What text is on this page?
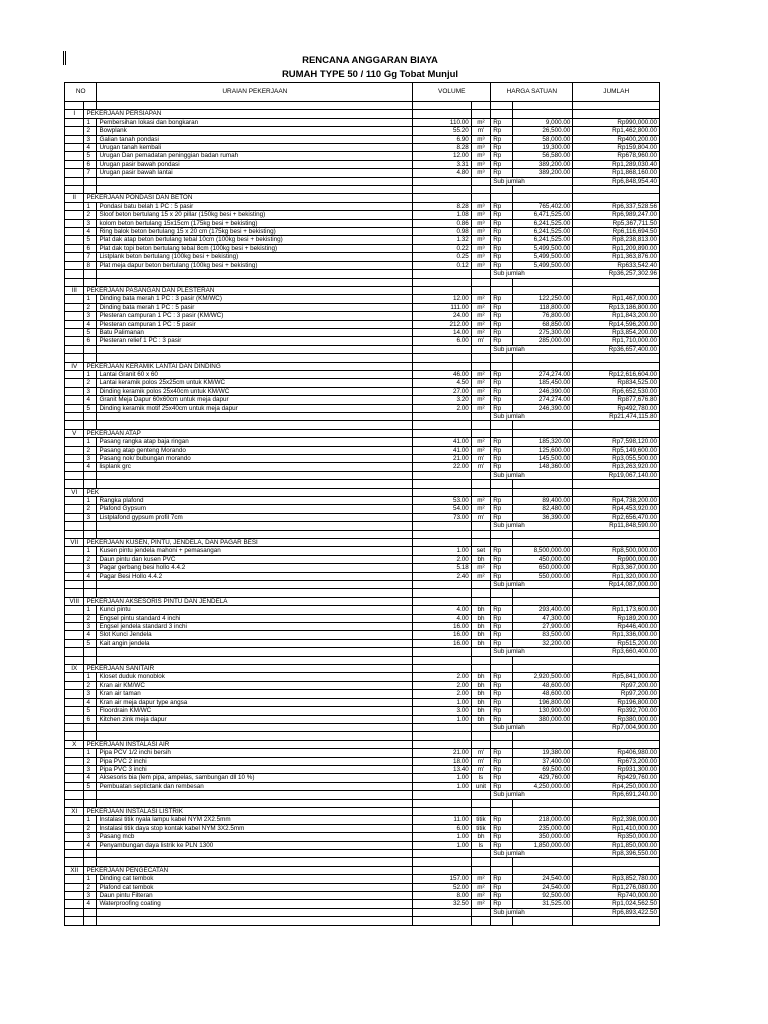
RENCANA ANGGARAN BIAYA
RUMAH TYPE 50 / 110 Gg Tobat Munjul
NO		URAIAN PEKERJAAN	VOLUME		HARGA SATUAN		JUMLAH

I	PEKERJAAN PERSIAPAN						
	1	Pembersihan lokasi dan bongkaran	110.00	m²	Rp	9,000.00	Rp990,000.00
	2	Bowplank	55.20	m'	Rp	26,500.00	Rp1,462,800.00
	3	Galian tanah pondasi	6.90	m³	Rp	58,000.00	Rp400,200.00
	4	Urugan tanah kembali	8.28	m³	Rp	19,300.00	Rp159,804.00
	5	Urugan Dan pemadatan peninggian badan rumah	12.00	m³	Rp	56,580.00	Rp678,960.00
	6	Urugan pasir bawah pondasi	3.31	m³	Rp	389,200.00	Rp1,289,030.40
	7	Urugan pasir bawah lantai	4.80	m³	Rp	389,200.00	Rp1,868,160.00
					Sub jumlah		Rp6,848,954.40

II	PEKERJAAN PONDASI DAN BETON						
	1	Pondasi batu belah 1 PC : 5 pasir	8.28	m³	Rp	765,402.00	Rp6,337,528.56
	2	Sloof beton bertulang 15 x 20 pillar (150kg besi + bekisting)	1.08	m³	Rp	6,471,525.00	Rp6,989,247.00
	3	kolom beton bertulang 15x15cm (175kg besi + bekisting)	0.86	m³	Rp	6,241,525.00	Rp5,367,711.50
	4	Ring balok beton bertulang 15 x 20 cm (175kg besi + bekisting)	0.98	m³	Rp	6,241,525.00	Rp6,116,694.50
	5	Plat dak atap beton bertulang tebal 10cm (100kg besi + bekisting)	1.32	m³	Rp	6,241,525.00	Rp8,238,813.00
	6	Plat dak topi beton bertulang tebal 8cm (100kg besi + bekisting)	0.22	m³	Rp	5,499,500.00	Rp1,209,890.00
	7	Listplank beton bertulang (100kg besi + bekisting)	0.25	m³	Rp	5,499,500.00	Rp1,363,876.00
	8	Plat meja dapur beton bertulang (100kg besi + bekisting)	0.12	m³	Rp	5,499,500.00	Rp633,542.40
					Sub jumlah		Rp36,257,302.96

III	PEKERJAAN PASANGAN DAN PLESTERAN						
	1	Dinding bata merah 1 PC : 3 pasir (KM/WC)	12.00	m²	Rp	122,250.00	Rp1,467,000.00
	2	Dinding bata merah 1 PC : 5 pasir	111.00	m²	Rp	118,800.00	Rp13,186,800.00
	3	Plesteran campuran 1 PC : 3 pasir (KM/WC)	24.00	m²	Rp	76,800.00	Rp1,843,200.00
	4	Plesteran campuran 1 PC : 5 pasir	212.00	m²	Rp	68,850.00	Rp14,596,200.00
	5	Batu Palimanan	14.00	m²	Rp	275,300.00	Rp3,854,200.00
	6	Plesteran relief 1 PC : 3 pasir	6.00	m'	Rp	285,000.00	Rp1,710,000.00
					Sub jumlah		Rp36,657,400.00

IV	PEKERJAAN KERAMIK LANTAI DAN DINDING						
	1	Lantai Granit 60 x 60	46.00	m²	Rp	274,274.00	Rp12,616,604.00
	2	Lantai keramik polos 25x25cm untuk KM/WC	4.50	m²	Rp	185,450.00	Rp834,525.00
	3	Dinding keramik polos 25x40cm untuk KM/WC	27.00	m²	Rp	246,390.00	Rp6,652,530.00
	4	Granit Meja Dapur 60x60cm untuk meja dapur	3.20	m²	Rp	274,274.00	Rp877,676.80
	5	Dinding keramik motif 25x40cm untuk meja dapur	2.00	m²	Rp	246,390.00	Rp492,780.00
					Sub jumlah		Rp21,474,115.80

V	PEKERJAAN ATAP						
	1	Pasang rangka atap baja ringan	41.00	m²	Rp	185,320.00	Rp7,598,120.00
	2	Pasang atap genteng Morando	41.00	m²	Rp	125,600.00	Rp5,149,600.00
	3	Pasang nok/ bubungan morando	21.00	m'	Rp	145,500.00	Rp3,055,500.00
	4	lisplank grc	22.00	m'	Rp	148,360.00	Rp3,263,920.00
					Sub jumlah		Rp19,067,140.00

VI	PEK						
	1	Rangka plafond	53.00	m²	Rp	89,400.00	Rp4,738,200.00
	2	Plafond Gypsum	54.00	m²	Rp	82,480.00	Rp4,453,920.00
	3	Listplafond gypsum profil 7cm	73.00	m'	Rp	36,390.00	Rp2,656,470.00
					Sub jumlah		Rp11,848,590.00

VII	PEKERJAAN KUSEN, PINTU, JENDELA, DAN PAGAR BESI						
	1	Kusen pintu jendela mahoni + pemasangan	1.00	set	Rp	8,500,000.00	Rp8,500,000.00
	2	Daun pintu dan kusen PVC	2.00	bh	Rp	450,000.00	Rp900,000.00
	3	Pagar gerbang besi hollo 4.4.2	5.18	m²	Rp	650,000.00	Rp3,367,000.00
	4	Pagar Besi Hollo 4.4.2	2.40	m²	Rp	550,000.00	Rp1,320,000.00
					Sub jumlah		Rp14,087,000.00

VIII	PEKERJAAN AKSESORIS PINTU DAN JENDELA						
	1	Kunci pintu	4.00	bh	Rp	293,400.00	Rp1,173,600.00
	2	Engsel pintu standard 4 inchi	4.00	bh	Rp	47,300.00	Rp189,200.00
	3	Engsel jendela standard 3 inchi	16.00	bh	Rp	27,900.00	Rp446,400.00
	4	Slot Kunci Jendela	16.00	bh	Rp	83,500.00	Rp1,336,000.00
	5	Kait angin jendela	16.00	bh	Rp	32,200.00	Rp515,200.00
					Sub jumlah		Rp3,660,400.00

IX	PEKERJAAN SANITAIR						
	1	Kloset duduk monoblok	2.00	bh	Rp	2,920,500.00	Rp5,841,000.00
	2	Kran air KM/WC	2.00	bh	Rp	48,600.00	Rp97,200.00
	3	Kran air taman	2.00	bh	Rp	48,600.00	Rp97,200.00
	4	Kran air meja dapur type angsa	1.00	bh	Rp	196,800.00	Rp196,800.00
	5	Floordrain KM/WC	3.00	bh	Rp	130,900.00	Rp392,700.00
	6	Kitchen zink meja dapur	1.00	bh	Rp	380,000.00	Rp380,000.00
					Sub jumlah		Rp7,004,900.00

X	PEKERJAAN INSTALASI AIR						
	1	Pipa PCV 1/2 inchi bersih	21.00	m'	Rp	19,380.00	Rp406,980.00
	2	Pipa PVC 2 inchi	18.00	m'	Rp	37,400.00	Rp673,200.00
	3	Pipa PVC 3 inchi	13.40	m'	Rp	69,500.00	Rp931,300.00
	4	Aksesoris bia (lem pipa, ampelas, sambungan dll 10 %)	1.00	ls	Rp	429,760.00	Rp429,760.00
	5	Pembuatan septictank dan rembesan	1.00	unit	Rp	4,250,000.00	Rp4,250,000.00
					Sub jumlah		Rp6,691,240.00

XI	PEKERJAAN INSTALASI LISTRIK						
	1	Instalasi titik nyala lampu kabel NYM 2X2.5mm	11.00	titik	Rp	218,000.00	Rp2,398,000.00
	2	Instalasi titik daya stop kontak kabel NYM 3X2.5mm	6.00	titik	Rp	235,000.00	Rp1,410,000.00
	3	Pasang mcb	1.00	bh	Rp	350,000.00	Rp350,000.00
	4	Penyambungan daya listrik ke PLN 1300	1.00	ls	Rp	1,850,000.00	Rp1,850,000.00
					Sub jumlah		Rp8,396,550.00

XII	PEKERJAAN PENGECATAN						
	1	Dinding cat tembok	157.00	m²	Rp	24,540.00	Rp3,852,780.00
	2	Plafond cat tembok	52.00	m²	Rp	24,540.00	Rp1,276,080.00
	3	Daun pintu Filteran	8.00	m²	Rp	92,500.00	Rp740,000.00
	4	Waterproofing coating	32.50	m²	Rp	31,525.00	Rp1,024,562.50
					Sub jumlah		Rp6,893,422.50
